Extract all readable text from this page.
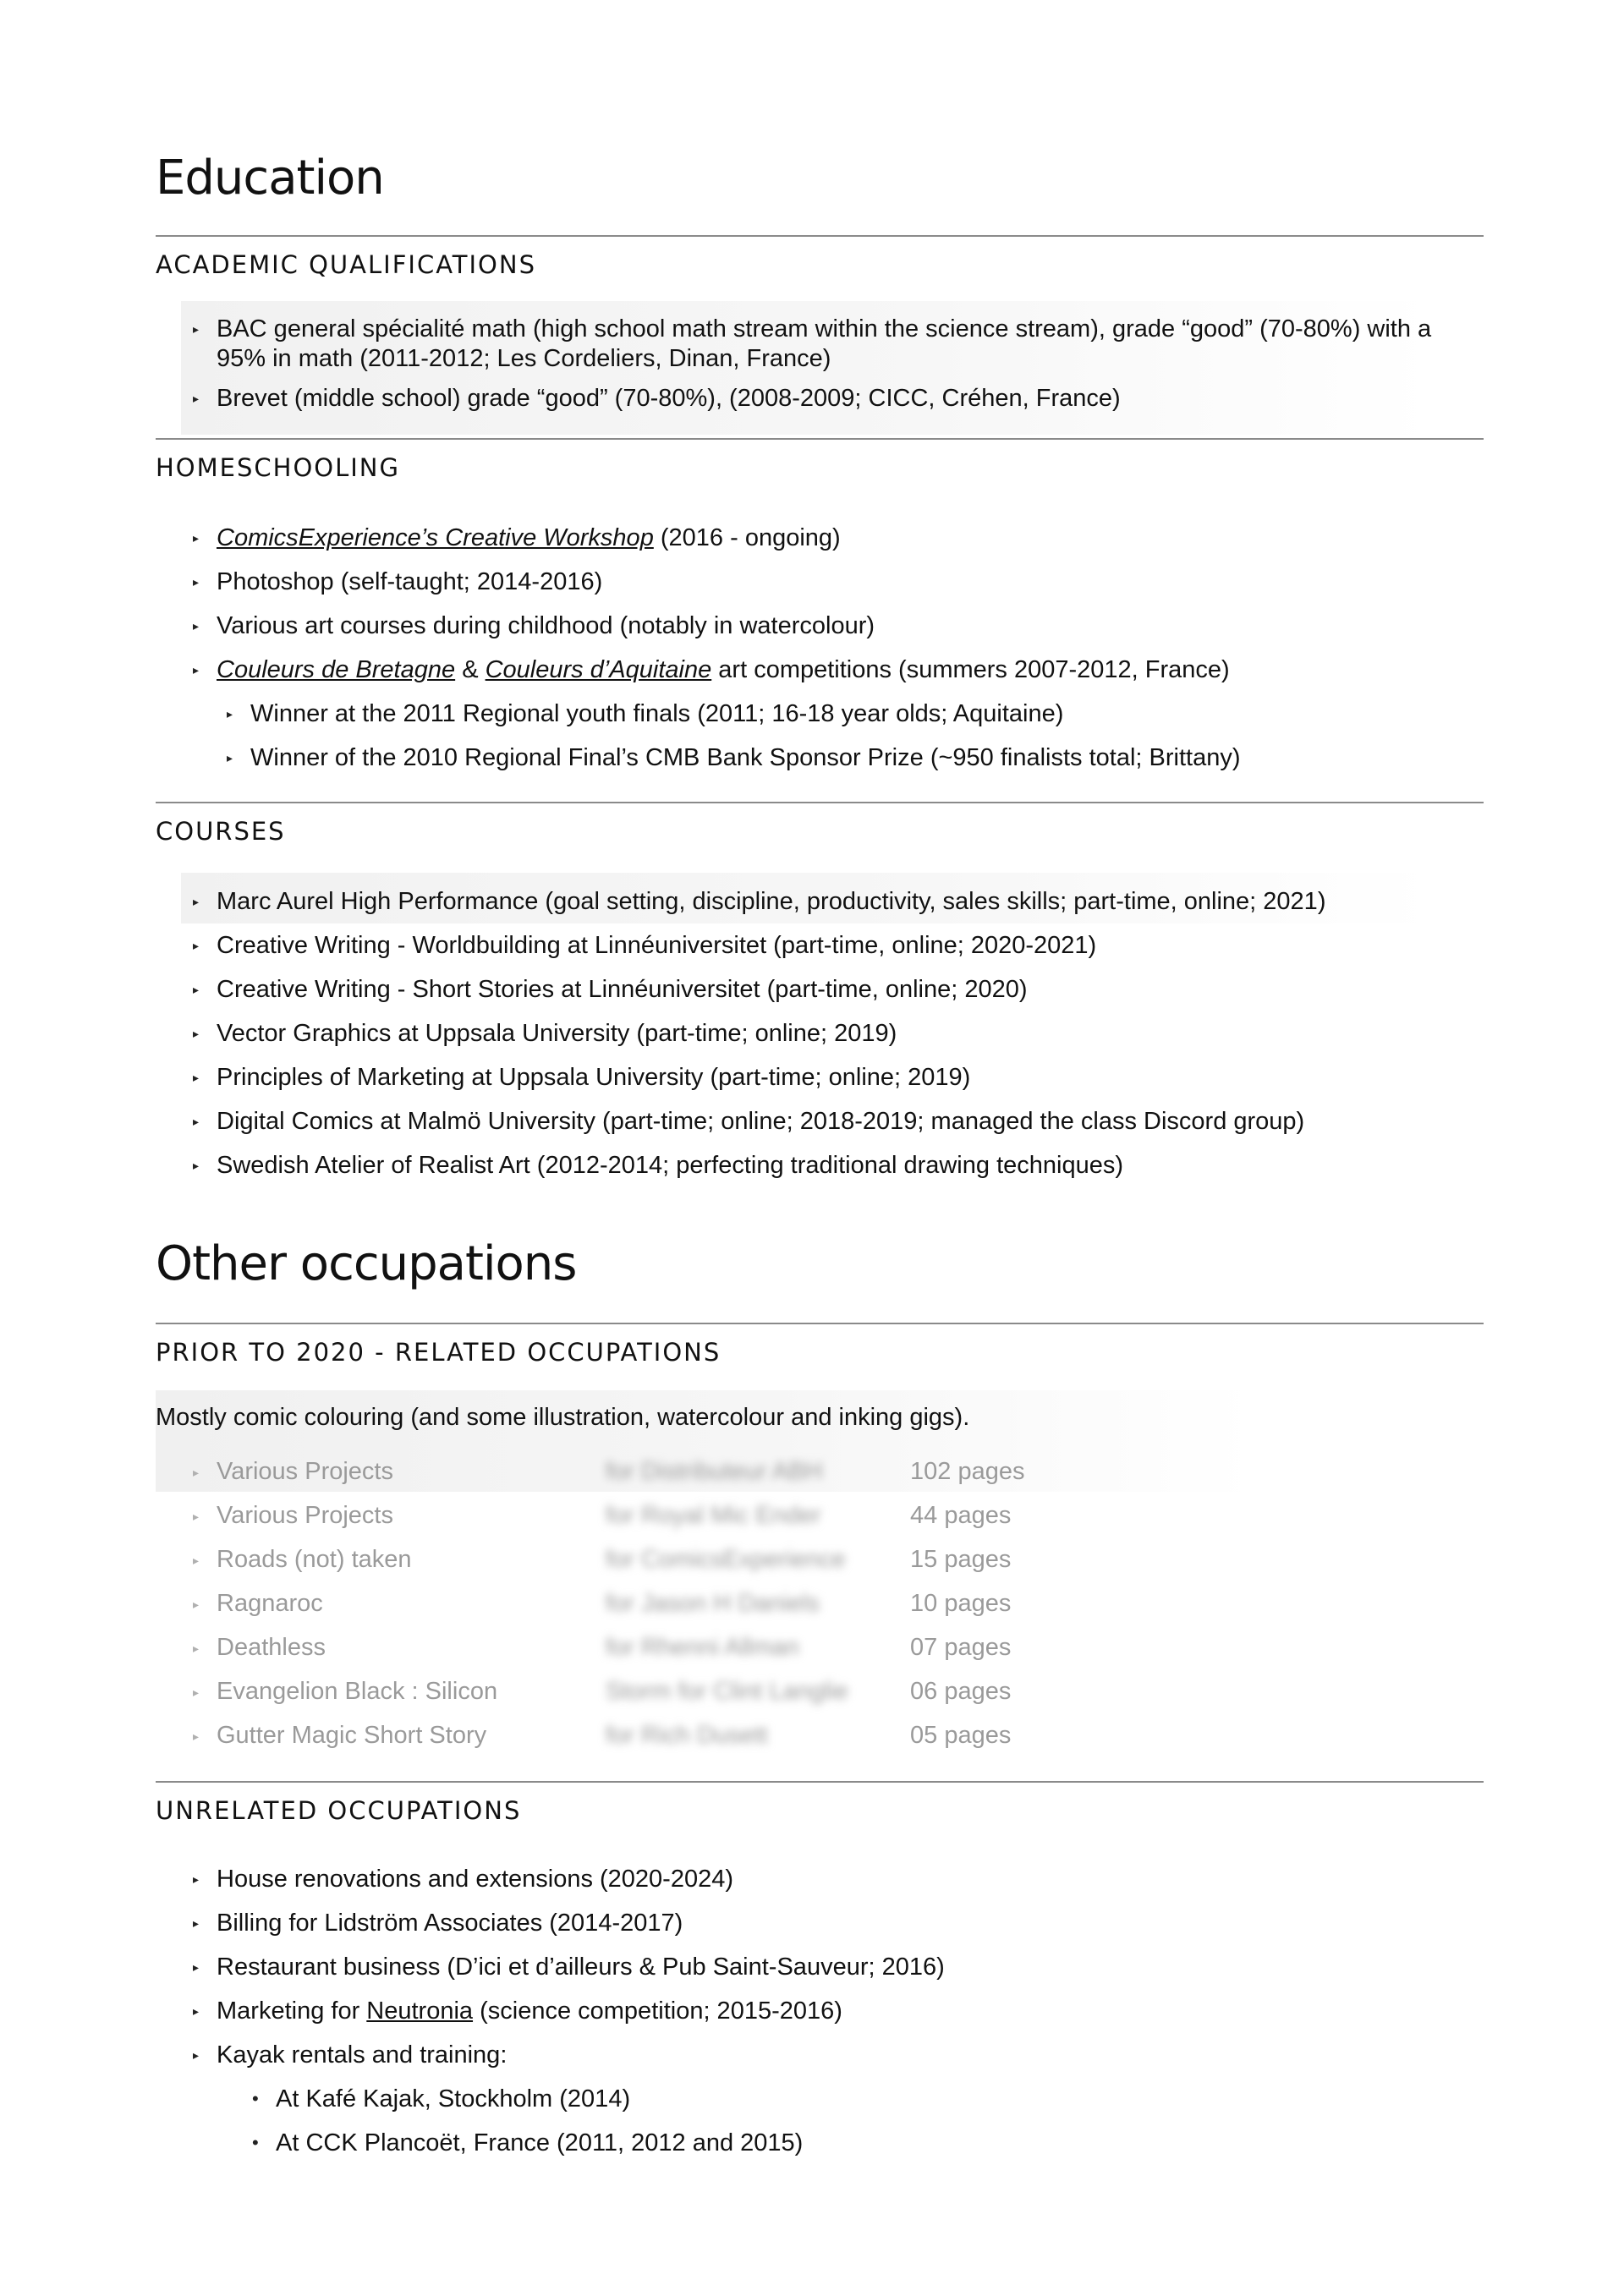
Education
ACADEMIC QUALIFICATIONS
▸ BAC general spécialité math (high school math stream within the science stream), grade “good” (70-80%) with a
95% in math (2011-2012; Les Cordeliers, Dinan, France)
▸ Brevet (middle school) grade “good” (70-80%), (2008-2009; CICC, Créhen, France)
HOMESCHOOLING
▸ ComicsExperience’s Creative Workshop (2016 - ongoing)
▸ Photoshop (self-taught; 2014-2016)
▸ Various art courses during childhood (notably in watercolour)
▸ Couleurs de Bretagne & Couleurs d’Aquitaine art competitions (summers 2007-2012, France)
▸ Winner at the 2011 Regional youth finals (2011; 16-18 year olds; Aquitaine)
▸ Winner of the 2010 Regional Final’s CMB Bank Sponsor Prize (~950 finalists total; Brittany)
COURSES
▸ Marc Aurel High Performance (goal setting, discipline, productivity, sales skills; part-time, online; 2021)
▸ Creative Writing - Worldbuilding at Linnéuniversitet (part-time, online; 2020-2021)
▸ Creative Writing - Short Stories at Linnéuniversitet (part-time, online; 2020)
▸ Vector Graphics at Uppsala University (part-time; online; 2019)
▸ Principles of Marketing at Uppsala University (part-time; online; 2019)
▸ Digital Comics at Malmö University (part-time; online; 2018-2019; managed the class Discord group)
▸ Swedish Atelier of Realist Art (2012-2014; perfecting traditional drawing techniques)
Other occupations
PRIOR TO 2020 - RELATED OCCUPATIONS

Mostly comic colouring (and some illustration, watercolour and inking gigs).

▸ Various Projects	for Distributeur ABH	102 pages

▸ Various Projects	for Royal Mic Ender	44 pages

▸ Roads (not) taken	for ComicsExperience	15 pages

▸ Ragnaroc	for Jason H Daniels	10 pages

▸ Deathless	for Rhenni Allman	07 pages

▸ Evangelion Black : Silicon	Storm for Clint Langlie	06 pages

▸ Gutter Magic Short Story	for Rich Dusett	05 pages
UNRELATED OCCUPATIONS
▸ House renovations and extensions (2020-2024)
▸ Billing for Lidström Associates (2014-2017)
▸ Restaurant business (D’ici et d’ailleurs & Pub Saint-Sauveur; 2016)
▸ Marketing for Neutronia (science competition; 2015-2016)
▸ Kayak rentals and training:
• At Kafé Kajak, Stockholm (2014)
• At CCK Plancoët, France (2011, 2012 and 2015)
